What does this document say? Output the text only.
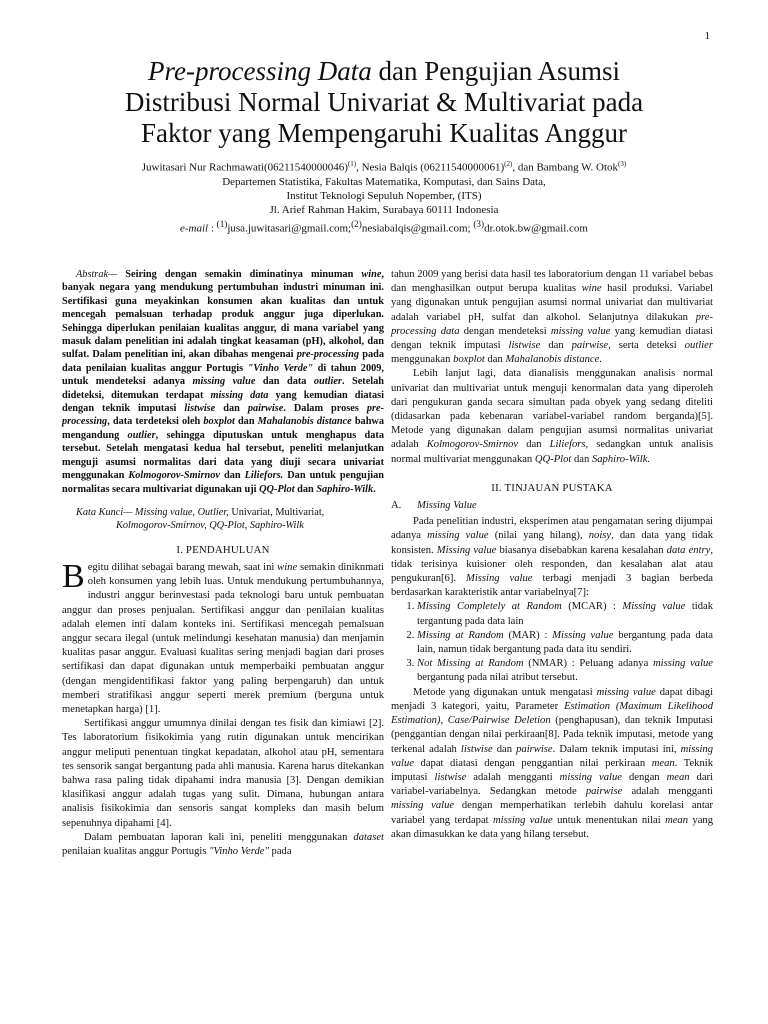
1
Pre-processing Data dan Pengujian Asumsi
Distribusi Normal Univariat & Multivariat pada
Faktor yang Mempengaruhi Kualitas Anggur
Juwitasari Nur $Rachmawati(06211540000046)^{(1)}$, Nesia Balqis $(06211540000061)^{(2)}$, dan Bambang W. Otok$^{(3)}$
Departemen Statistika, Fakultas Matematika, Komputasi, dan Sains Data,
Institut Teknologi Sepuluh Nopember, (ITS)
Jl. Arief Rahman Hakim, Surabaya 60111 Indonesia
e-mail : $^{(1)}$jusa.juwitasari@gmail.com;$^{(2)}$nesiabalqis@gmail.com; $^{(3)}$dr.otok.bw@gmail.com

Abstrak— Seiring dengan semakin diminatinya minuman wine, banyak negara yang mendukung pertumbuhan industri minuman ini. Sertifikasi guna meyakinkan konsumen akan kualitas dan untuk mencegah pemalsuan terhadap produk anggur juga diperlukan. Sehingga diperlukan penilaian kualitas anggur, di mana variabel yang masuk dalam penelitian ini adalah tingkat keasaman (pH), alkohol, dan sulfat. Dalam penelitian ini, akan dibahas mengenai pre-processing pada data penilaian kualitas anggur Portugis "Vinho Verde" di tahun 2009, untuk mendeteksi adanya missing value dan data outlier. Setelah dideteksi, ditemukan terdapat missing data yang kemudian diatasi dengan teknik imputasi listwise dan pairwise. Dalam proses pre-processing, data terdeteksi oleh boxplot dan Mahalanobis distance bahwa mengandung outlier, sehingga diputuskan untuk menghapus data tersebut. Setelah mengatasi kedua hal tersebut, peneliti melanjutkan menguji asumsi normalitas dari data yang diuji secara univariat menggunakan Kolmogorov-Smirnov dan Liliefors. Dan untuk pengujian normalitas secara multivariat digunakan uji QQ-Plot dan Saphiro-Wilk.

Kata Kunci— Missing value, Outlier, Univariat, Multivariat,
Kolmogorov-Smirnov, QQ-Plot, Saphiro-Wilk

I. PENDAHULUAN

Begitu dilihat sebagai barang mewah, saat ini wine semakin diniknmati oleh konsumen yang lebih luas. Untuk mendukung pertumbuhannya, industri anggur berinvestasi pada teknologi baru untuk pembuatan anggur dan proses penjualan. Sertifikasi anggur dan penilaian kualitas adalah elemen inti dalam konteks ini. Sertifikasi mencegah pemalsuan anggur secara ilegal (untuk melindungi kesehatan manusia) dan menjamin kualitas pasar anggur. Evaluasi kualitas sering menjadi bagian dari proses sertifikasi dan dapat digunakan untuk memperbaiki pembuatan anggur (dengan mengidentifikasi faktor yang paling berpengaruh) dan untuk memberi stratifikasi anggur seperti merek premium (berguna untuk menetapkan harga) [1].

Sertifikasi anggur umumnya dinilai dengan tes fisik dan kimiawi [2]. Tes laboratorium fisikokimia yang rutin digunakan untuk mencirikan anggur meliputi penentuan tingkat kepadatan, alkohol atau pH, sementara tes sensorik sangat bergantung pada ahli manusia. Karena harus ditekankan bahwa rasa paling tidak dipahami indra manusia [3]. Dengan demikian klasifikasi anggur adalah tugas yang sulit. Dimana, hubungan antara analisis fisikokimia dan sensoris sangat kompleks dan masih belum sepenuhnya dipahami [4].

Dalam pembuatan laporan kali ini, peneliti menggunakan dataset penilaian kualitas anggur Portugis "Vinho Verde" pada

tahun 2009 yang berisi data hasil tes laboratorium dengan 11 variabel bebas dan menghasilkan output berupa kualitas wine hasil produksi. Variabel yang digunakan untuk pengujian asumsi normal univariat dan multivariat adalah variabel pH, sulfat dan alkohol. Selanjutnya dilakukan pre-processing data dengan mendeteksi missing value yang kemudian diatasi dengan teknik imputasi listwise dan pairwise, serta deteksi outlier menggunakan boxplot dan Mahalanobis distance.

Lebih lanjut lagi, data dianalisis menggunakan analisis normal univariat dan multivariat untuk menguji kenormalan data yang diperoleh dari pengukuran ganda secara simultan pada obyek yang sedang diteliti (didasarkan pada kebenaran variabel-variabel random berganda)[5]. Metode yang digunakan dalam pengujian asumsi normalitas univariat adalah Kolmogorov-Smirnov dan Liliefors, sedangkan untuk analisis normal multivariat menggunakan QQ-Plot dan Saphiro-Wilk.

II. TINJAUAN PUSTAKA
A. Missing Value

Pada penelitian industri, eksperimen atau pengamatan sering dijumpai adanya missing value (nilai yang hilang), noisy, dan data yang tidak konsisten. Missing value biasanya disebabkan karena kesalahan data entry, tidak terisinya kuisioner oleh responden, dan kesalahan alat atau pengukuran[6]. Missing value terbagi menjadi 3 bagian berbeda berdasarkan karakteristik antar variabelnya[7]:

1. Missing Completely at Random (MCAR) : Missing value tidak tergantung pada data lain
2. Missing at Random (MAR) : Missing value bergantung pada data lain, namun tidak bergantung pada data itu sendiri.
3. Not Missing at Random (NMAR) : Peluang adanya missing value bergantung pada nilai atribut tersebut.

Metode yang digunakan untuk mengatasi missing value dapat dibagi menjadi 3 kategori, yaitu, Parameter Estimation (Maximum Likelihood Estimation), Case/Pairwise Deletion (penghapusan), dan teknik Imputasi (penggantian dengan nilai perkiraan[8]. Pada teknik imputasi, metode yang terkenal adalah listwise dan pairwise. Dalam teknik imputasi ini, missing value dapat diatasi dengan penggantian nilai perkiraan mean. Teknik imputasi listwise adalah mengganti missing value dengan mean dari variabel-variabelnya. Sedangkan metode pairwise adalah mengganti missing value dengan memperhatikan terlebih dahulu korelasi antar variabel yang terdapat missing value untuk menentukan nilai mean yang akan dimasukkan ke data yang hilang tersebut.
